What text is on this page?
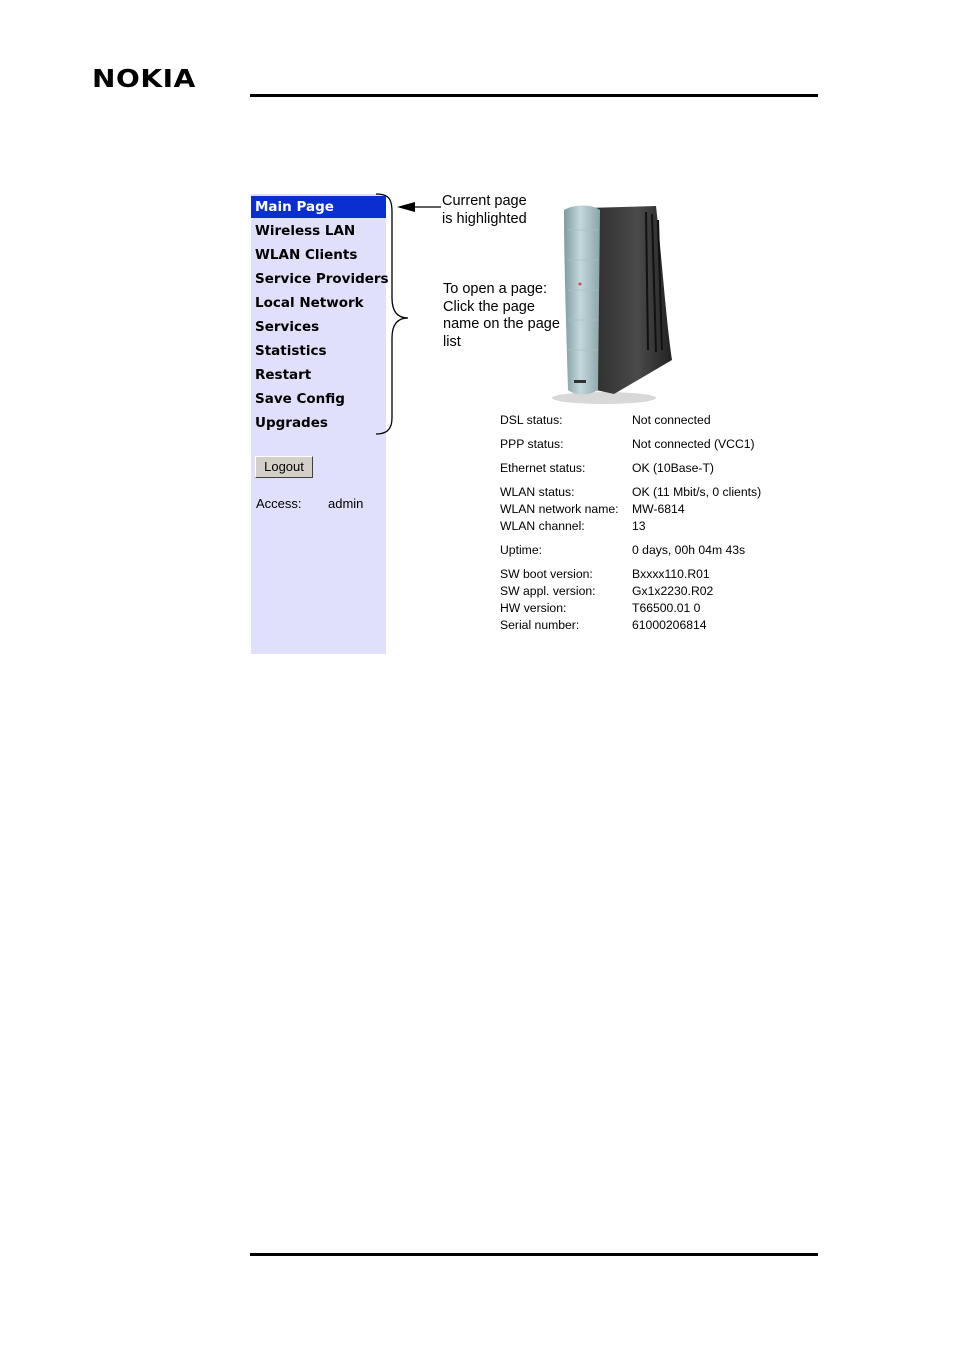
NOKIA
Main Page
Wireless LAN
WLAN Clients
Service Providers
Local Network
Services
Statistics
Restart
Save Config
Upgrades
Logout
Access: admin
Current page
is highlighted
To open a page:
Click the page
name on the page
list
DSL status:	Not connected
PPP status:	Not connected (VCC1)
Ethernet status:	OK (10Base-T)
WLAN status:	OK (11 Mbit/s, 0 clients)
WLAN network name: MW-6814
WLAN channel:	13
Uptime:	0 days, 00h 04m 43s
SW boot version:	Bxxxx110.R01
SW appl. version:	Gx1x2230.R02
HW version:	T66500.01 0
Serial number:	61000206814
